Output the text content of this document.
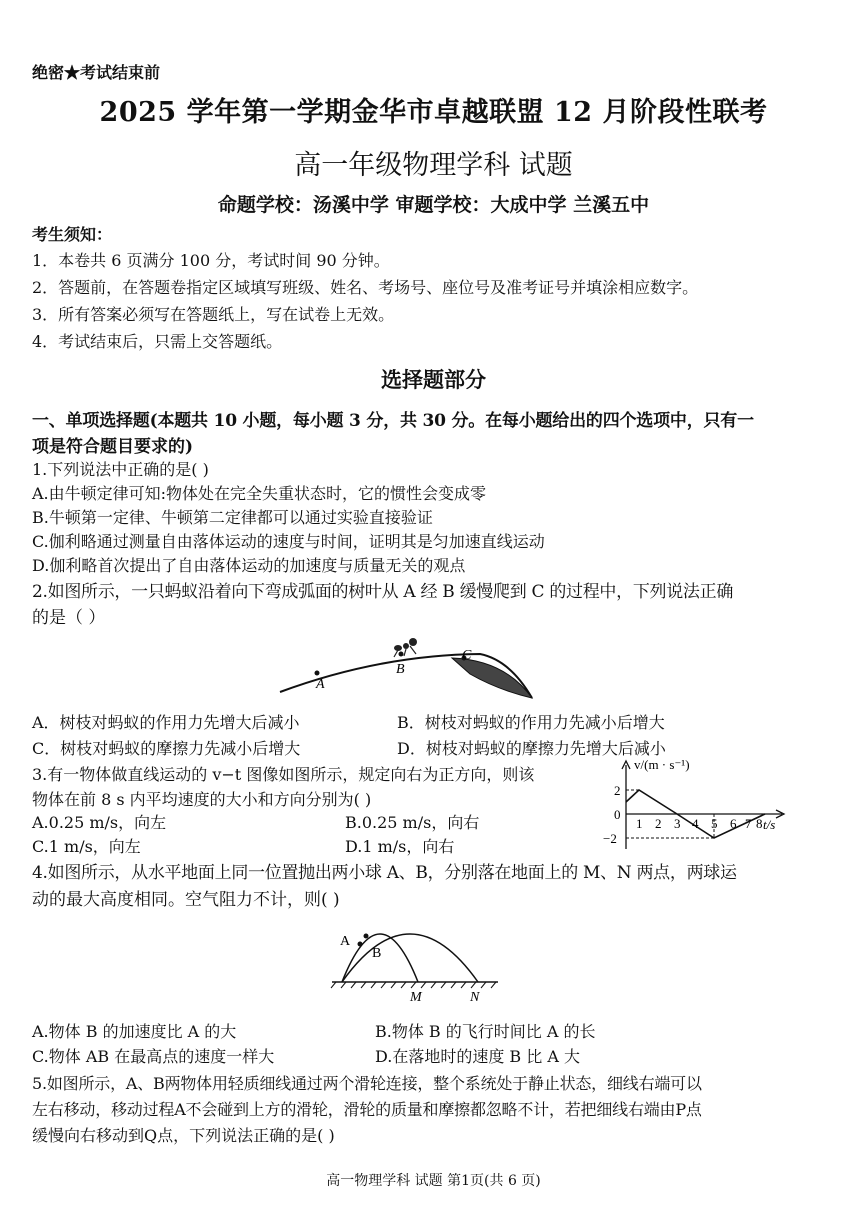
绝密★考试结束前
2025 学年第一学期金华市卓越联盟 12 月阶段性联考
高一年级物理学科 试题
命题学校：汤溪中学 审题学校：大成中学 兰溪五中
考生须知：
1．本卷共 6 页满分 100 分，考试时间 90 分钟。
2．答题前，在答题卷指定区域填写班级、姓名、考场号、座位号及准考证号并填涂相应数字。
3．所有答案必须写在答题纸上，写在试卷上无效。
4．考试结束后，只需上交答题纸。
选择题部分
一、单项选择题(本题共 10 小题，每小题 3 分，共 30 分。在每小题给出的四个选项中，只有一
项是符合题目要求的)
1.下列说法中正确的是( )
A.由牛顿定律可知:物体处在完全失重状态时，它的惯性会变成零
B.牛顿第一定律、牛顿第二定律都可以通过实验直接验证
C.伽利略通过测量自由落体运动的速度与时间，证明其是匀加速直线运动
D.伽利略首次提出了自由落体运动的加速度与质量无关的观点
2.如图所示，一只蚂蚁沿着向下弯成弧面的树叶从 A 经 B 缓慢爬到 C 的过程中，下列说法正确
的是（ ）
A
B
C
A．树枝对蚂蚁的作用力先增大后减小	B．树枝对蚂蚁的作用力先减小后增大
C．树枝对蚂蚁的摩擦力先减小后增大	D．树枝对蚂蚁的摩擦力先增大后减小
3.有一物体做直线运动的 v−t 图像如图所示，规定向右为正方向，则该
物体在前 8 s 内平均速度的大小和方向分别为( )
A.0.25 m/s，向左	B.0.25 m/s，向右
C.1 m/s，向左	D.1 m/s，向右
v/(m · s⁻¹)
t/s
2
0
−2
1 2 3 4 5 6 7 8
4.如图所示，从水平地面上同一位置抛出两小球 A、B，分别落在地面上的 M、N 两点，两球运
动的最大高度相同。空气阻力不计，则( )
A
B
M	N
A.物体 B 的加速度比 A 的大	B.物体 B 的飞行时间比 A 的长
C.物体 AB 在最高点的速度一样大	D.在落地时的速度 B 比 A 大
5.如图所示，A、B两物体用轻质细线通过两个滑轮连接，整个系统处于静止状态，细线右端可以
左右移动，移动过程A不会碰到上方的滑轮，滑轮的质量和摩擦都忽略不计，若把细线右端由P点
缓慢向右移动到Q点，下列说法正确的是( )
高一物理学科 试题 第1页(共 6 页)
